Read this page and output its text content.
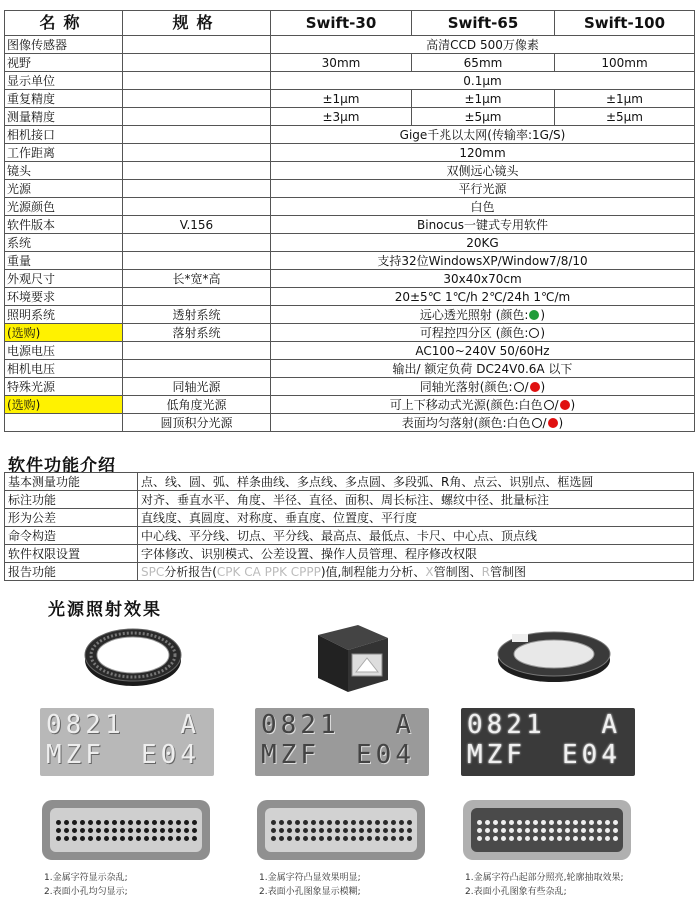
名称	规格	Swift-30	Swift-65	Swift-100
图像传感器		高清CCD 500万像素		
视野		30mm	65mm	100mm
显示单位		0.1μm		
重复精度		±1μm	±1μm	±1μm
测量精度		±3μm	±5μm	±5μm
相机接口		Gige千兆以太网(传输率:1G/S)		
工作距离		120mm		
镜头		双侧远心镜头		
光源		平行光源		
光源颜色		白色		
软件版本	V.156	Binocus一键式专用软件		
系统		20KG		
重量		支持32位WindowsXP/Window7/8/10		
外观尺寸	长*宽*高	30x40x70cm		
环境要求		20±5℃ 1℃/h 2℃/24h 1℃/m		
照明系统	透射系统	远心透光照射 (颜色: )		
(选购)	落射系统	可程控四分区 (颜色: )		
电源电压		AC100~240V 50/60Hz		
相机电压		输出/ 额定负荷 DC24V0.6A 以下		
特殊光源	同轴光源	同轴光落射(颜色: / )		
(选购)	低角度光源	可上下移动式光源(颜色:白色 / )		
	圆顶积分光源	表面均匀落射(颜色:白色 / )		
软件功能介绍
基本测量功能	点、线、圆、弧、样条曲线、多点线、多点圆、多段弧、R角、点云、识别点、框选圆
标注功能	对齐、垂直水平、角度、半径、直径、面积、周长标注、螺纹中径、批量标注
形为公差	直线度、真圆度、对称度、垂直度、位置度、平行度
命令构造	中心线、平分线、切点、平分线、最高点、最低点、卡尺、中心点、顶点线
软件权限设置	字体修改、识别模式、公差设置、操作人员管理、程序修改权限
报告功能	SPC分析报告(CPK CA PPK CPPP)值,制程能力分析、X管制图、R管制图
光源照射效果
0821 A
MZF E04
1.金属字符显示杂乱;
2.表面小孔均匀显示;
0821 A
MZF E04
1.金属字符凸显效果明显;
2.表面小孔图象显示模糊;
0821 A
MZF E04
1.金属字符凸起部分照亮,轮廓抽取效果;
2.表面小孔图象有些杂乱;
